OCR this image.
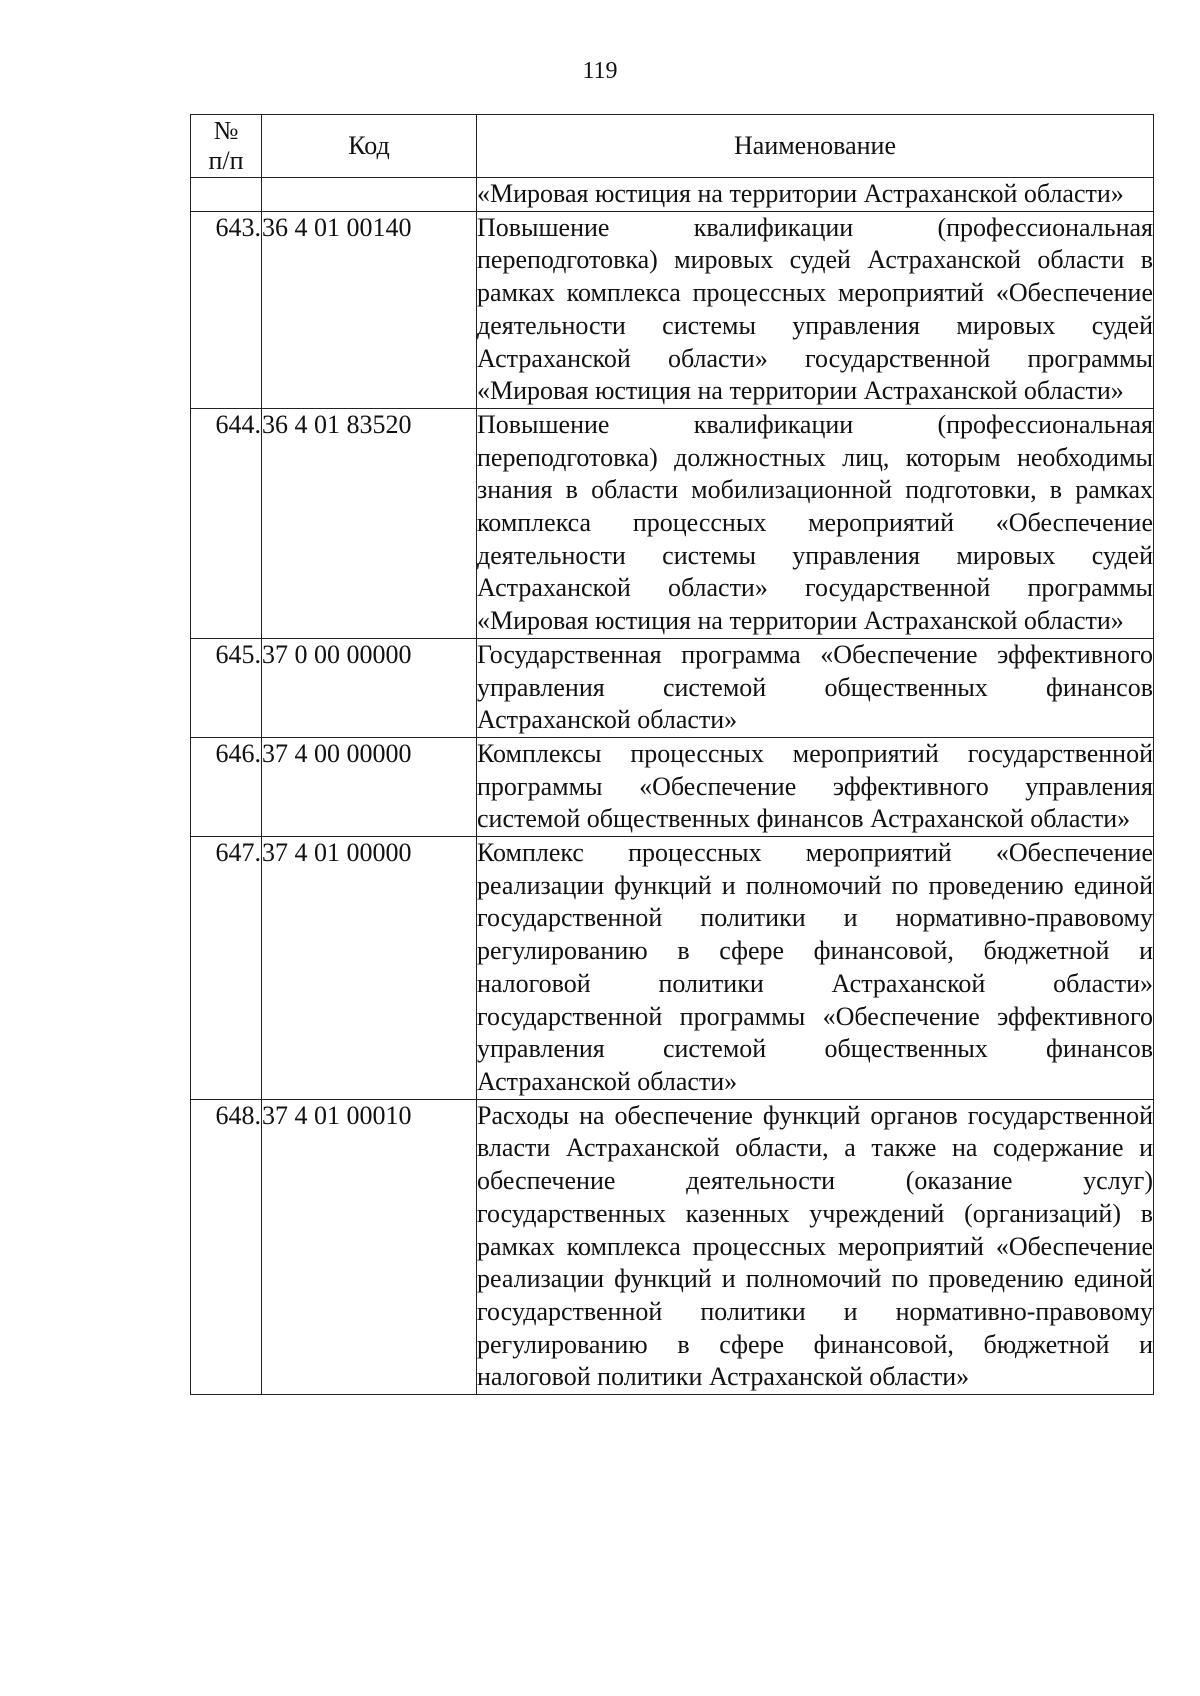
119
№
п/п	Код	Наименование
		«Мировая юстиция на территории Астраханской области»
643.	36 4 01 00140	Повышение квалификации (профессиональная переподготовка) мировых судей Астраханской области в рамках комплекса процессных мероприятий «Обеспечение деятельности системы управления мировых судей Астраханской области» государственной программы «Мировая юстиция на территории Астраханской области»
644.	36 4 01 83520	Повышение квалификации (профессиональная переподготовка) должностных лиц, которым необходимы знания в области мобилизационной подготовки, в рамках комплекса процессных мероприятий «Обеспечение деятельности системы управления мировых судей Астраханской области» государственной программы «Мировая юстиция на территории Астраханской области»
645.	37 0 00 00000	Государственная программа «Обеспечение эффективного управления системой общественных финансов Астраханской области»
646.	37 4 00 00000	Комплексы процессных мероприятий государственной программы «Обеспечение эффективного управления системой общественных финансов Астраханской области»
647.	37 4 01 00000	Комплекс процессных мероприятий «Обеспечение реализации функций и полномочий по проведению единой государственной политики и нормативно-правовому регулированию в сфере финансовой, бюджетной и налоговой политики Астраханской области» государственной программы «Обеспечение эффективного управления системой общественных финансов Астраханской области»
648.	37 4 01 00010	Расходы на обеспечение функций органов государственной власти Астраханской области, а также на содержание и обеспечение деятельности (оказание услуг) государственных казенных учреждений (организаций) в рамках комплекса процессных мероприятий «Обеспечение реализации функций и полномочий по проведению единой государственной политики и нормативно-правовому регулированию в сфере финансовой, бюджетной и налоговой политики Астраханской области»
